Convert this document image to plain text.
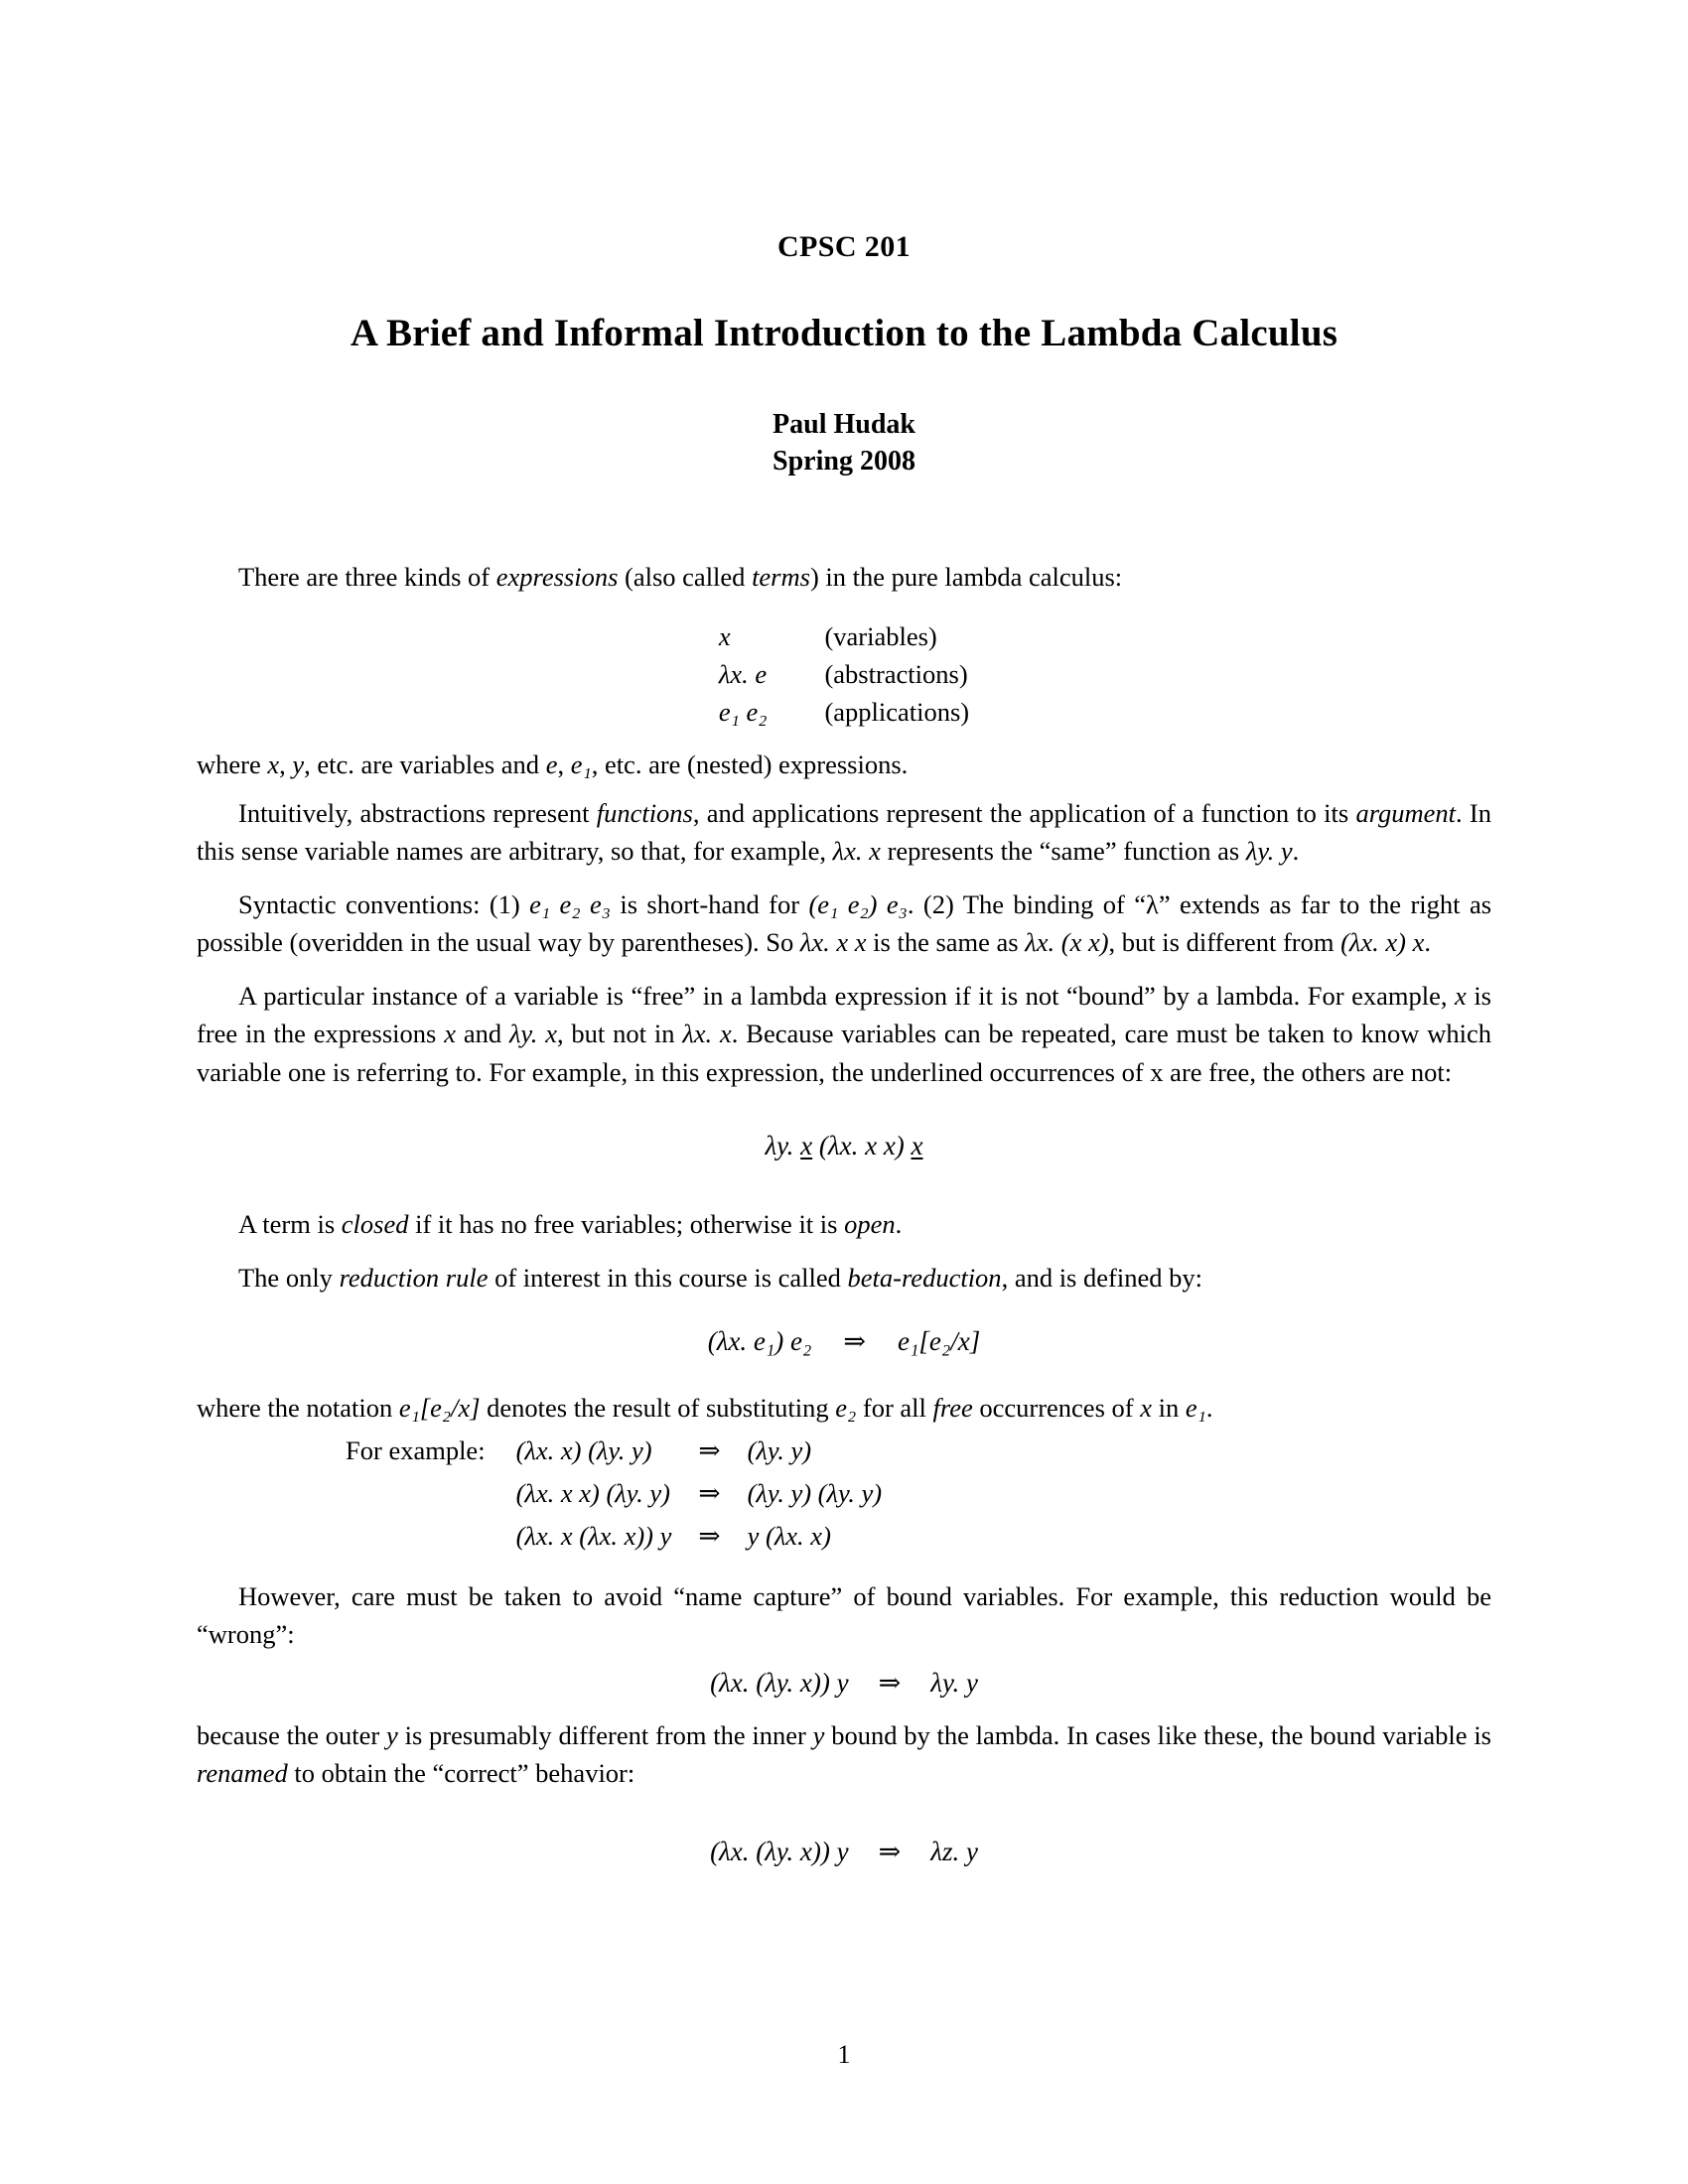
CPSC 201
A Brief and Informal Introduction to the Lambda Calculus
Paul Hudak
Spring 2008

There are three kinds of expressions (also called terms) in the pure lambda calculus:

x	(variables)
λx. e	(abstractions)
e₁ e₂	(applications)

where x, y, etc. are variables and e, e₁, etc. are (nested) expressions.

Intuitively, abstractions represent functions, and applications represent the application of a function to its argument. In this sense variable names are arbitrary, so that, for example, λx. x represents the “same” function as λy. y.

Syntactic conventions: (1) e₁ e₂ e₃ is short-hand for (e₁ e₂) e₃. (2) The binding of “λ” extends as far to the right as possible (overidden in the usual way by parentheses). So λx. x x is the same as λx. (x x), but is different from (λx. x) x.

A particular instance of a variable is “free” in a lambda expression if it is not “bound” by a lambda. For example, x is free in the expressions x and λy. x, but not in λx. x. Because variables can be repeated, care must be taken to know which variable one is referring to. For example, in this expression, the underlined occurrences of x are free, the others are not:

λy. x (λx. x x) x

A term is closed if it has no free variables; otherwise it is open.

The only reduction rule of interest in this course is called beta-reduction, and is defined by:

(λx. e₁) e₂ ⇒ e₁[e₂/x]

where the notation e₁[e₂/x] denotes the result of substituting e₂ for all free occurrences of x in e₁.

For example:	(λx. x) (λy. y)	⇒	(λy. y)
	(λx. x x) (λy. y)	⇒	(λy. y) (λy. y)
	(λx. x (λx. x)) y	⇒	y (λx. x)

However, care must be taken to avoid “name capture” of bound variables. For example, this reduction would be “wrong”:

(λx. (λy. x)) y ⇒ λy. y

because the outer y is presumably different from the inner y bound by the lambda. In cases like these, the bound variable is renamed to obtain the “correct” behavior:

(λx. (λy. x)) y ⇒ λz. y
1
